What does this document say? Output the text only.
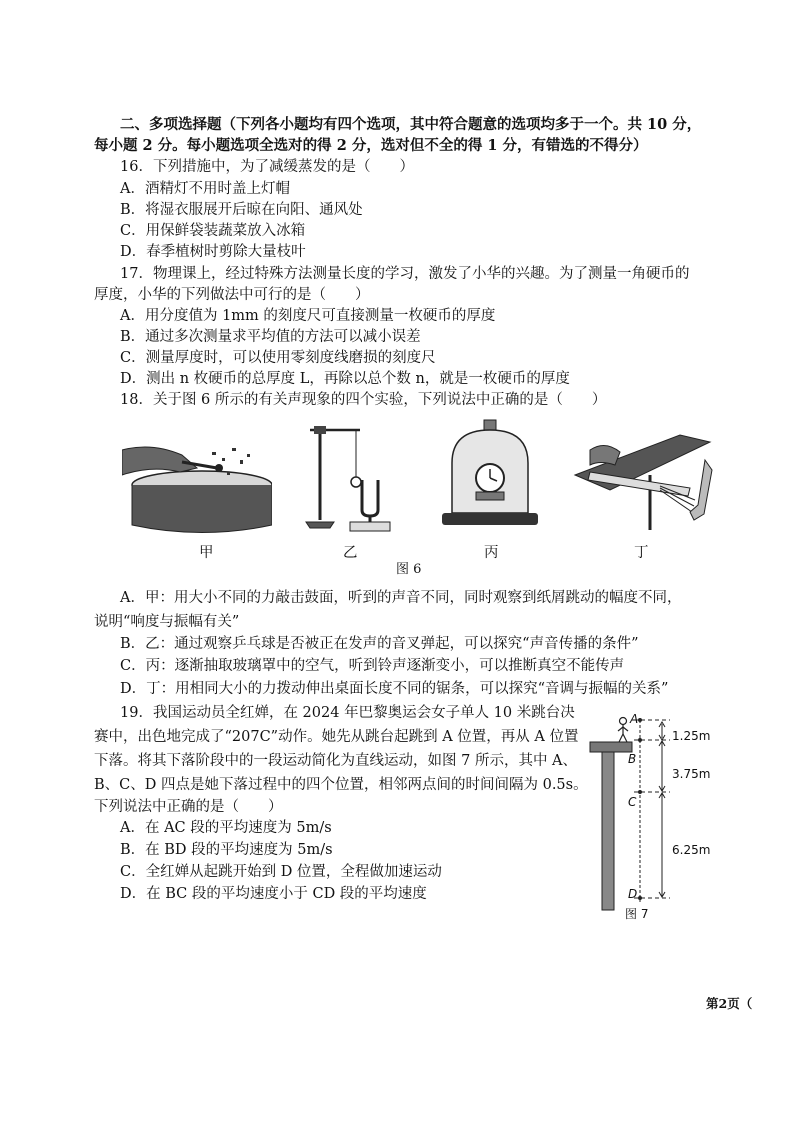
二、多项选择题（下列各小题均有四个选项，其中符合题意的选项均多于一个。共 10 分，
每小题 2 分。每小题选项全选对的得 2 分，选对但不全的得 1 分，有错选的不得分）
16．下列措施中，为了减缓蒸发的是（　　）
A．酒精灯不用时盖上灯帽
B．将湿衣服展开后晾在向阳、通风处
C．用保鲜袋装蔬菜放入冰箱
D．春季植树时剪除大量枝叶
17．物理课上，经过特殊方法测量长度的学习，激发了小华的兴趣。为了测量一角硬币的
厚度，小华的下列做法中可行的是（　　）
A．用分度值为 1mm 的刻度尺可直接测量一枚硬币的厚度
B．通过多次测量求平均值的方法可以减小误差
C．测量厚度时，可以使用零刻度线磨损的刻度尺
D．测出 n 枚硬币的总厚度 L，再除以总个数 n，就是一枚硬币的厚度
18．关于图 6 所示的有关声现象的四个实验，下列说法中正确的是（　　）
甲	乙	丙	丁
图 6
A．甲：用大小不同的力敲击鼓面，听到的声音不同，同时观察到纸屑跳动的幅度不同，
说明“响度与振幅有关”
B．乙：通过观察乒乓球是否被正在发声的音叉弹起，可以探究“声音传播的条件”
C．丙：逐渐抽取玻璃罩中的空气，听到铃声逐渐变小，可以推断真空不能传声
D．丁：用相同大小的力拨动伸出桌面长度不同的锯条，可以探究“音调与振幅的关系”
19．我国运动员全红婵，在 2024 年巴黎奥运会女子单人 10 米跳台决
赛中，出色地完成了“207C”动作。她先从跳台起跳到 A 位置，再从 A 位置
下落。将其下落阶段中的一段运动简化为直线运动，如图 7 所示，其中 A、
B、C、D 四点是她下落过程中的四个位置，相邻两点间的时间间隔为 0.5s。
下列说法中正确的是（　　）
A．在 AC 段的平均速度为 5m/s
B．在 BD 段的平均速度为 5m/s
C．全红婵从起跳开始到 D 位置，全程做加速运动
D．在 BC 段的平均速度小于 CD 段的平均速度
A
B
C
D
1.25m
3.75m
6.25m
图 7
第2页（
